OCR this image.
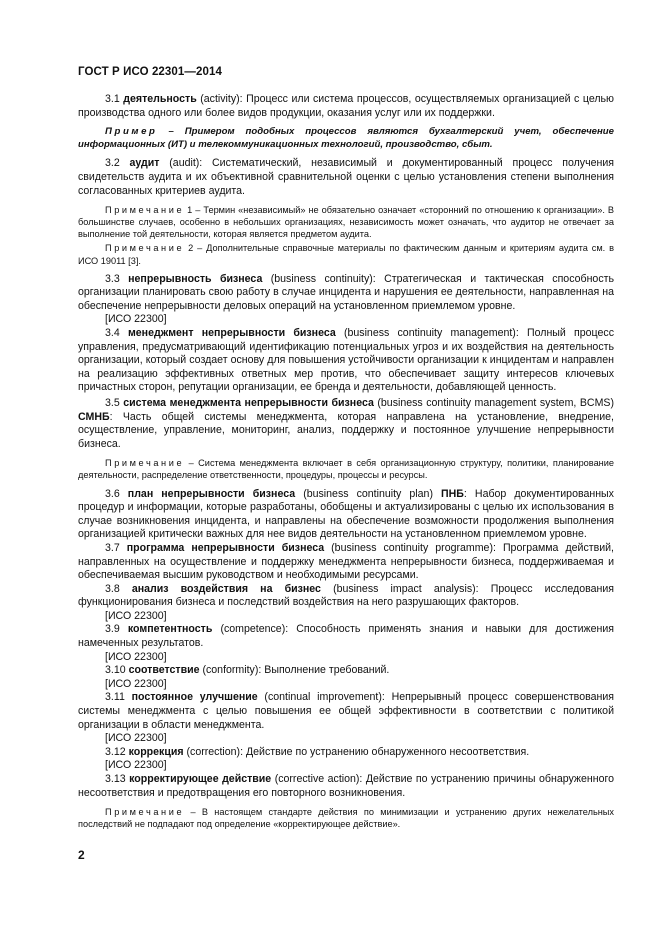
ГОСТ Р ИСО 22301—2014

3.1 деятельность (activity): Процесс или система процессов, осуществляемых организацией с целью производства одного или более видов продукции, оказания услуг или их поддержки.

Пример – Примером подобных процессов являются бухгалтерский учет, обеспечение информационных (ИТ) и телекоммуникационных технологий, производство, сбыт.

3.2 аудит (audit): Систематический, независимый и документированный процесс получения свидетельств аудита и их объективной сравнительной оценки с целью установления степени выполнения согласованных критериев аудита.

Примечание 1 – Термин «независимый» не обязательно означает «сторонний по отношению к организации». В большинстве случаев, особенно в небольших организациях, независимость может означать, что аудитор не отвечает за выполнение той деятельности, которая является предметом аудита.

Примечание 2 – Дополнительные справочные материалы по фактическим данным и критериям аудита см. в ИСО 19011 [3].

3.3 непрерывность бизнеса (business continuity): Стратегическая и тактическая способность организации планировать свою работу в случае инцидента и нарушения ее деятельности, направленная на обеспечение непрерывности деловых операций на установленном приемлемом уровне.

[ИСО 22300]

3.4 менеджмент непрерывности бизнеса (business continuity management): Полный процесс управления, предусматривающий идентификацию потенциальных угроз и их воздействия на деятельность организации, который создает основу для повышения устойчивости организации к инцидентам и направлен на реализацию эффективных ответных мер против, что обеспечивает защиту интересов ключевых причастных сторон, репутации организации, ее бренда и деятельности, добавляющей ценность.

3.5 система менеджмента непрерывности бизнеса (business continuity management system, BCMS) СМНБ: Часть общей системы менеджмента, которая направлена на установление, внедрение, осуществление, управление, мониторинг, анализ, поддержку и постоянное улучшение непрерывности бизнеса.

Примечание – Система менеджмента включает в себя организационную структуру, политики, планирование деятельности, распределение ответственности, процедуры, процессы и ресурсы.

3.6 план непрерывности бизнеса (business continuity plan) ПНБ: Набор документированных процедур и информации, которые разработаны, обобщены и актуализированы с целью их использования в случае возникновения инцидента, и направлены на обеспечение возможности продолжения выполнения организацией критически важных для нее видов деятельности на установленном приемлемом уровне.

3.7 программа непрерывности бизнеса (business continuity programme): Программа действий, направленных на осуществление и поддержку менеджмента непрерывности бизнеса, поддерживаемая и обеспечиваемая высшим руководством и необходимыми ресурсами.

3.8 анализ воздействия на бизнес (business impact analysis): Процесс исследования функционирования бизнеса и последствий воздействия на него разрушающих факторов.

[ИСО 22300]

3.9 компетентность (competence): Способность применять знания и навыки для достижения намеченных результатов.

[ИСО 22300]

3.10 соответствие (conformity): Выполнение требований.

[ИСО 22300]

3.11 постоянное улучшение (continual improvement): Непрерывный процесс совершенствования системы менеджмента с целью повышения ее общей эффективности в соответствии с политикой организации в области менеджмента.

[ИСО 22300]

3.12 коррекция (correction): Действие по устранению обнаруженного несоответствия.

[ИСО 22300]

3.13 корректирующее действие (corrective action): Действие по устранению причины обнаруженного несоответствия и предотвращения его повторного возникновения.

Примечание – В настоящем стандарте действия по минимизации и устранению других нежелательных последствий не подпадают под определение «корректирующее действие».

2
